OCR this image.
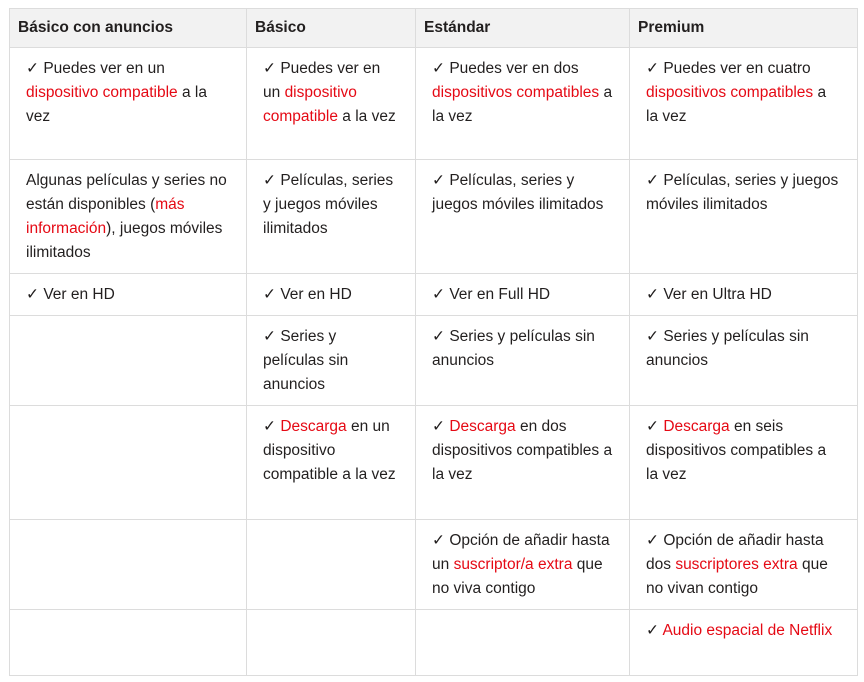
Básico con anuncios	Básico	Estándar	Premium
✓ Puedes ver en un dispositivo compatible a la vez	✓ Puedes ver en un dispositivo compatible a la vez	✓ Puedes ver en dos dispositivos compatibles a la vez	✓ Puedes ver en cuatro dispositivos compatibles a la vez
Algunas películas y series no están disponibles (más información), juegos móviles ilimitados	✓ Películas, series y juegos móviles ilimitados	✓ Películas, series y juegos móviles ilimitados	✓ Películas, series y juegos móviles ilimitados
✓ Ver en HD	✓ Ver en HD	✓ Ver en Full HD	✓ Ver en Ultra HD
	✓ Series y películas sin anuncios	✓ Series y películas sin anuncios	✓ Series y películas sin anuncios
	✓ Descarga en un dispositivo compatible a la vez	✓ Descarga en dos dispositivos compatibles a la vez	✓ Descarga en seis dispositivos compatibles a la vez
		✓ Opción de añadir hasta un suscriptor/a extra que no viva contigo	✓ Opción de añadir hasta dos suscriptores extra que no vivan contigo
			✓ Audio espacial de Netflix
